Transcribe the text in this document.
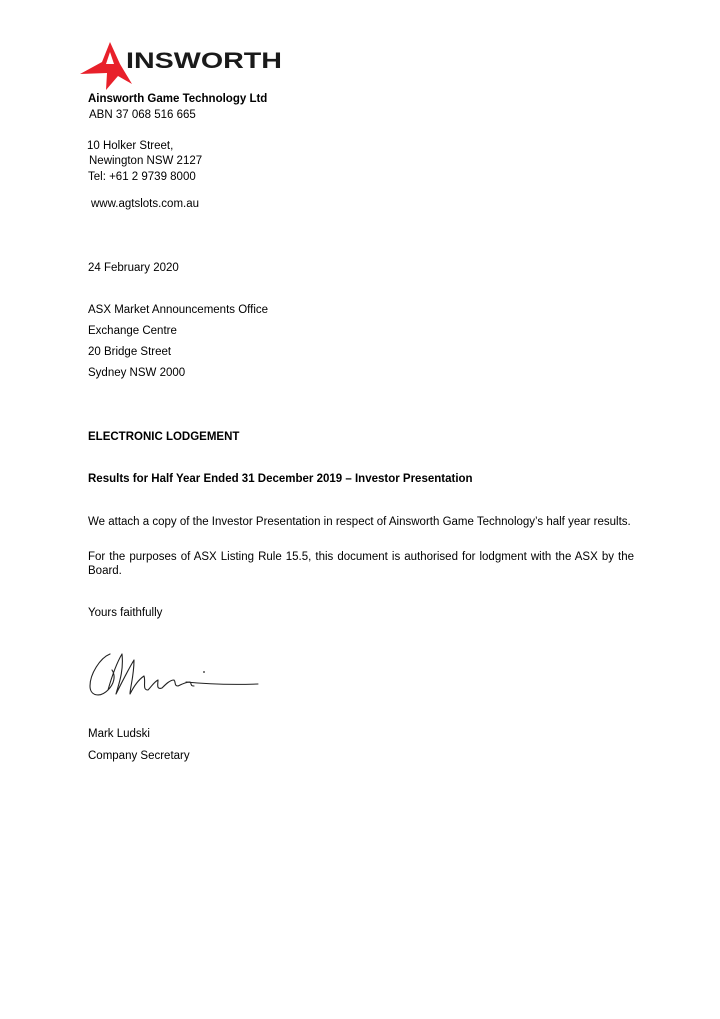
INSWORTH
Ainsworth Game Technology Ltd
ABN 37 068 516 665
10 Holker Street,
Newington NSW 2127
Tel: +61 2 9739 8000
www.agtslots.com.au
24 February 2020
ASX Market Announcements Office
Exchange Centre
20 Bridge Street
Sydney NSW 2000
ELECTRONIC LODGEMENT
Results for Half Year Ended 31 December 2019 – Investor Presentation
We attach a copy of the Investor Presentation in respect of Ainsworth Game Technology’s half year results.
For the purposes of ASX Listing Rule 15.5, this document is authorised for lodgment with the ASX by the Board.
Yours faithfully
Mark Ludski
Company Secretary
